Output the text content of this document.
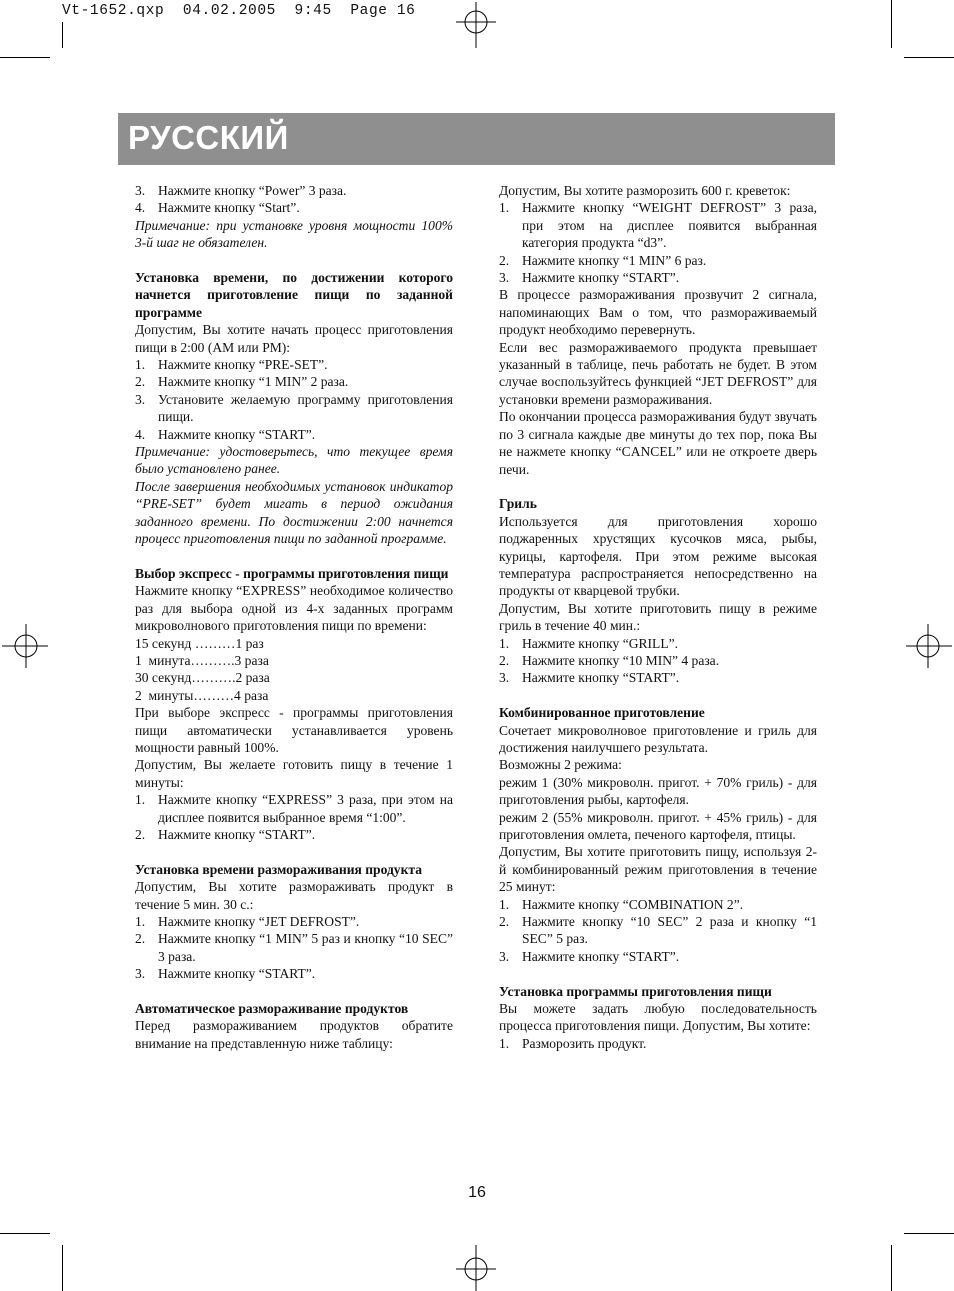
Vt-1652.qxp  04.02.2005  9:45  Page 16
РУССКИЙ
3. Нажмите кнопку “Power” 3 раза.
4. Нажмите кнопку “Start”.

Примечание: при установке уровня мощности 100% 3-й шаг не обязателен.

Установка времени, по достижении которого начнется приготовление пищи по заданной программе

Допустим, Вы хотите начать процесс приготовления пищи в 2:00 (AM или PM):

1. Нажмите кнопку “PRE-SET”.
2. Нажмите кнопку “1 MIN” 2 раза.
3. Установите желаемую программу приготовления пищи.
4. Нажмите кнопку “START”.

Примечание: удостоверьтесь, что текущее время было установлено ранее.

После завершения необходимых установок индикатор “PRE-SET” будет мигать в период ожидания заданного времени. По достижении 2:00 начнется процесс приготовления пищи по заданной программе.

Выбор экспресс - программы приготовления пищи

Нажмите кнопку “EXPRESS” необходимое количество раз для выбора одной из 4-х заданных программ микроволнового приготовления пищи по времени:

15 секунд ………1 раз
1  минута……….3 раза
30 секунд……….2 раза
2  минуты………4 раза

При выборе экспресс - программы приготовления пищи автоматически устанавливается уровень мощности равный 100%.

Допустим, Вы желаете готовить пищу в течение 1 минуты:

1. Нажмите кнопку “EXPRESS” 3 раза, при этом на дисплее появится выбранное время “1:00”.
2. Нажмите кнопку “START”.
Установка времени размораживания продукта

Допустим, Вы хотите размораживать продукт в течение 5 мин. 30 с.:

1. Нажмите кнопку “JET DEFROST”.
2. Нажмите кнопку “1 MIN” 5 раз и кнопку “10 SEC” 3 раза.
3. Нажмите кнопку “START”.
Автоматическое размораживание продуктов

Перед размораживанием продуктов обратите внимание на представленную ниже таблицу:

Допустим, Вы хотите разморозить 600 г. креветок:

1. Нажмите кнопку “WEIGHT DEFROST” 3 раза, при этом на дисплее появится выбранная категория продукта “d3”.
2. Нажмите кнопку “1 MIN” 6 раз.
3. Нажмите кнопку “START”.

В процессе размораживания прозвучит 2 сигнала, напоминающих Вам о том, что размораживаемый продукт необходимо перевернуть.

Если вес размораживаемого продукта превышает указанный в таблице, печь работать не будет. В этом случае воспользуйтесь функцией “JET DEFROST” для установки времени размораживания.

По окончании процесса размораживания будут звучать по 3 сигнала каждые две минуты до тех пор, пока Вы не нажмете кнопку “CANCEL” или не откроете дверь печи.

Гриль

Используется для приготовления хорошо поджаренных хрустящих кусочков мяса, рыбы, курицы, картофеля. При этом режиме высокая температура распространяется непосредственно на продукты от кварцевой трубки.

Допустим, Вы хотите приготовить пищу в режиме гриль в течение 40 мин.:

1. Нажмите кнопку “GRILL”.
2. Нажмите кнопку “10 MIN” 4 раза.
3. Нажмите кнопку “START”.
Комбинированное приготовление

Сочетает микроволновое приготовление и гриль для достижения наилучшего результата.

Возможны 2 режима:

режим 1 (30% микроволн. пригот. + 70% гриль) - для приготовления рыбы, картофеля.

режим 2 (55% микроволн. пригот. + 45% гриль) - для приготовления омлета, печеного картофеля, птицы.

Допустим, Вы хотите приготовить пищу, используя 2-й комбинированный режим приготовления в течение 25 минут:

1. Нажмите кнопку “COMBINATION 2”.
2. Нажмите кнопку “10 SEC” 2 раза и кнопку “1 SEC” 5 раз.
3. Нажмите кнопку “START”.
Установка программы приготовления пищи

Вы можете задать любую последовательность процесса приготовления пищи. Допустим, Вы хотите:

1. Разморозить продукт.
16
